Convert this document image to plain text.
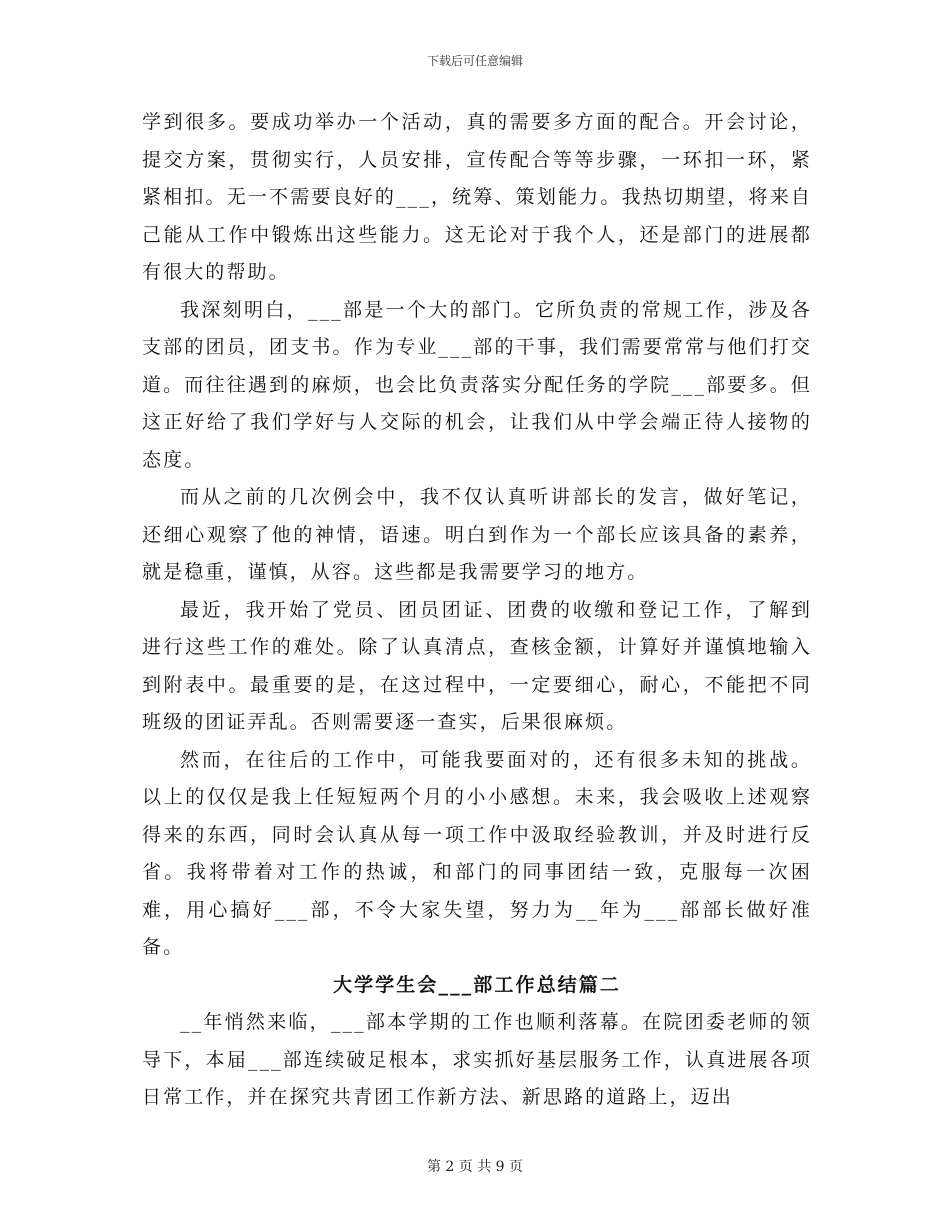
下载后可任意编辑

学到很多。要成功举办一个活动，真的需要多方面的配合。开会讨论，提交方案，贯彻实行，人员安排，宣传配合等等步骤，一环扣一环，紧紧相扣。无一不需要良好的___，统筹、策划能力。我热切期望，将来自己能从工作中锻炼出这些能力。这无论对于我个人，还是部门的进展都有很大的帮助。

我深刻明白，___部是一个大的部门。它所负责的常规工作，涉及各支部的团员，团支书。作为专业___部的干事，我们需要常常与他们打交道。而往往遇到的麻烦，也会比负责落实分配任务的学院___部要多。但这正好给了我们学好与人交际的机会，让我们从中学会端正待人接物的态度。

而从之前的几次例会中，我不仅认真听讲部长的发言，做好笔记，还细心观察了他的神情，语速。明白到作为一个部长应该具备的素养，就是稳重，谨慎，从容。这些都是我需要学习的地方。

最近，我开始了党员、团员团证、团费的收缴和登记工作，了解到进行这些工作的难处。除了认真清点，查核金额，计算好并谨慎地输入到附表中。最重要的是，在这过程中，一定要细心，耐心，不能把不同班级的团证弄乱。否则需要逐一查实，后果很麻烦。

然而，在往后的工作中，可能我要面对的，还有很多未知的挑战。以上的仅仅是我上任短短两个月的小小感想。未来，我会吸收上述观察得来的东西，同时会认真从每一项工作中汲取经验教训，并及时进行反省。我将带着对工作的热诚，和部门的同事团结一致，克服每一次困难，用心搞好___部，不令大家失望，努力为__年为___部部长做好准备。

大学学生会___部工作总结篇二

__年悄然来临，___部本学期的工作也顺利落幕。在院团委老师的领导下，本届___部连续破足根本，求实抓好基层服务工作，认真进展各项日常工作，并在探究共青团工作新方法、新思路的道路上，迈出

第 2 页 共 9 页
